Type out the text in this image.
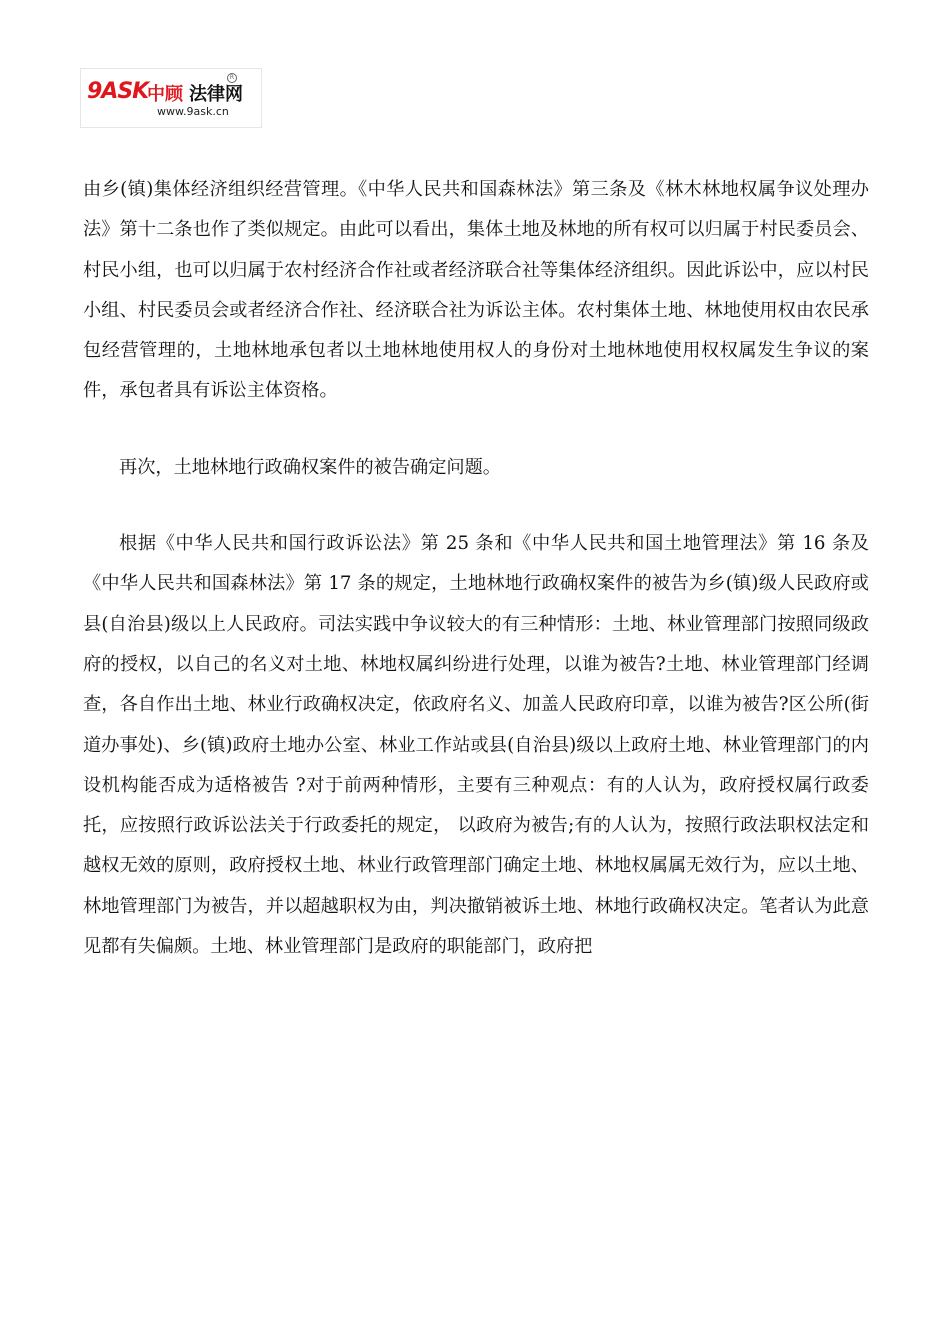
9ASK
中顾 法律网
R
www.9ask.cn

由乡(镇)集体经济组织经营管理。《中华人民共和国森林法》第三条及《林木林地权属争议处理办法》第十二条也作了类似规定。由此可以看出，集体土地及林地的所有权可以归属于村民委员会、村民小组，也可以归属于农村经济合作社或者经济联合社等集体经济组织。因此诉讼中，应以村民小组、村民委员会或者经济合作社、经济联合社为诉讼主体。农村集体土地、林地使用权由农民承包经营管理的，土地林地承包者以土地林地使用权人的身份对土地林地使用权权属发生争议的案件，承包者具有诉讼主体资格。

再次，土地林地行政确权案件的被告确定问题。

根据《中华人民共和国行政诉讼法》第 25 条和《中华人民共和国土地管理法》第 16 条及《中华人民共和国森林法》第 17 条的规定，土地林地行政确权案件的被告为乡(镇)级人民政府或县(自治县)级以上人民政府。司法实践中争议较大的有三种情形：土地、林业管理部门按照同级政府的授权，以自己的名义对土地、林地权属纠纷进行处理，以谁为被告?土地、林业管理部门经调查，各自作出土地、林业行政确权决定，依政府名义、加盖人民政府印章，以谁为被告?区公所(街道办事处)、乡(镇)政府土地办公室、林业工作站或县(自治县)级以上政府土地、林业管理部门的内设机构能否成为适格被告 ?对于前两种情形，主要有三种观点：有的人认为，政府授权属行政委托，应按照行政诉讼法关于行政委托的规定， 以政府为被告;有的人认为，按照行政法职权法定和越权无效的原则，政府授权土地、林业行政管理部门确定土地、林地权属属无效行为，应以土地、林地管理部门为被告，并以超越职权为由，判决撤销被诉土地、林地行政确权决定。笔者认为此意见都有失偏颇。土地、林业管理部门是政府的职能部门，政府把
